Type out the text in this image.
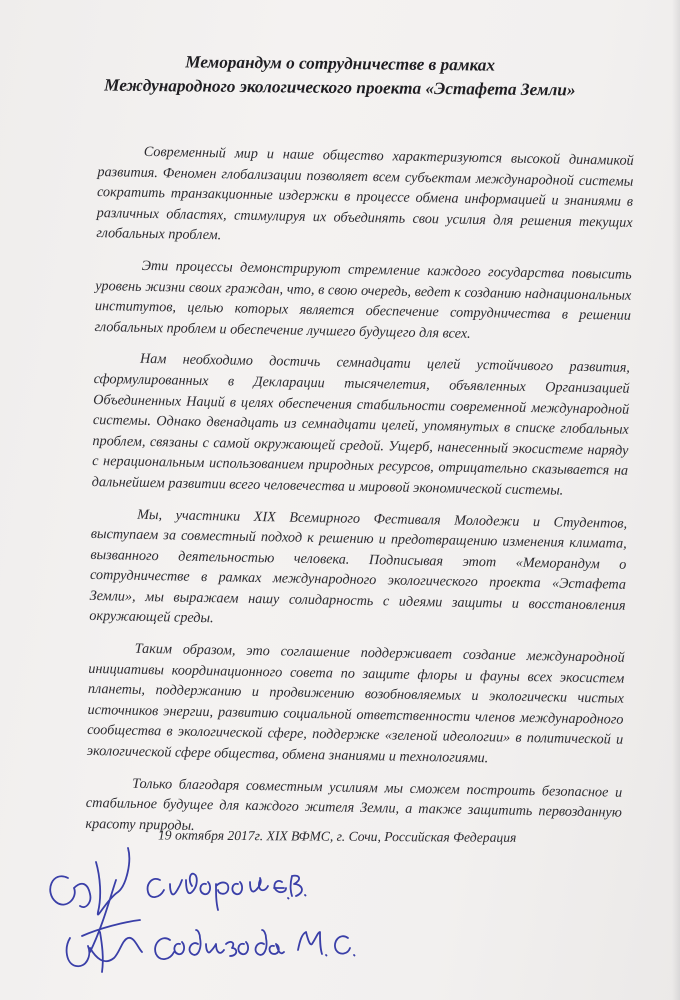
Меморандум о сотрудничестве в рамках
Международного экологического проекта «Эстафета Земли»

Современный мир и наше общество характеризуются высокой динамикой развития. Феномен глобализации позволяет всем субъектам международной системы сократить транзакционные издержки в процессе обмена информацией и знаниями в различных областях, стимулируя их объединять свои усилия для решения текущих глобальных проблем.

Эти процессы демонстрируют стремление каждого государства повысить уровень жизни своих граждан, что, в свою очередь, ведет к созданию наднациональных институтов, целью которых является обеспечение сотрудничества в решении глобальных проблем и обеспечение лучшего будущего для всех.

Нам необходимо достичь семнадцати целей устойчивого развития, сформулированных в Декларации тысячелетия, объявленных Организацией Объединенных Наций в целях обеспечения стабильности современной международной системы. Однако двенадцать из семнадцати целей, упомянутых в списке глобальных проблем, связаны с самой окружающей средой. Ущерб, нанесенный экосистеме наряду с нерациональным использованием природных ресурсов, отрицательно сказывается на дальнейшем развитии всего человечества и мировой экономической системы.

Мы, участники XIX Всемирного Фестиваля Молодежи и Студентов, выступаем за совместный подход к решению и предотвращению изменения климата, вызванного деятельностью человека. Подписывая этот «Меморандум о сотрудничестве в рамках международного экологического проекта «Эстафета Земли», мы выражаем нашу солидарность с идеями защиты и восстановления окружающей среды.

Таким образом, это соглашение поддерживает создание международной инициативы координационного совета по защите флоры и фауны всех экосистем планеты, поддержанию и продвижению возобновляемых и экологически чистых источников энергии, развитию социальной ответственности членов международного сообщества в экологической сфере, поддержке «зеленой идеологии» в политической и экологической сфере общества, обмена знаниями и технологиями.

Только благодаря совместным усилиям мы сможем построить безопасное и стабильное будущее для каждого жителя Земли, а также защитить первозданную красоту природы.

19 октября 2017г. XIX ВФМС, г. Сочи, Российская Федерация
